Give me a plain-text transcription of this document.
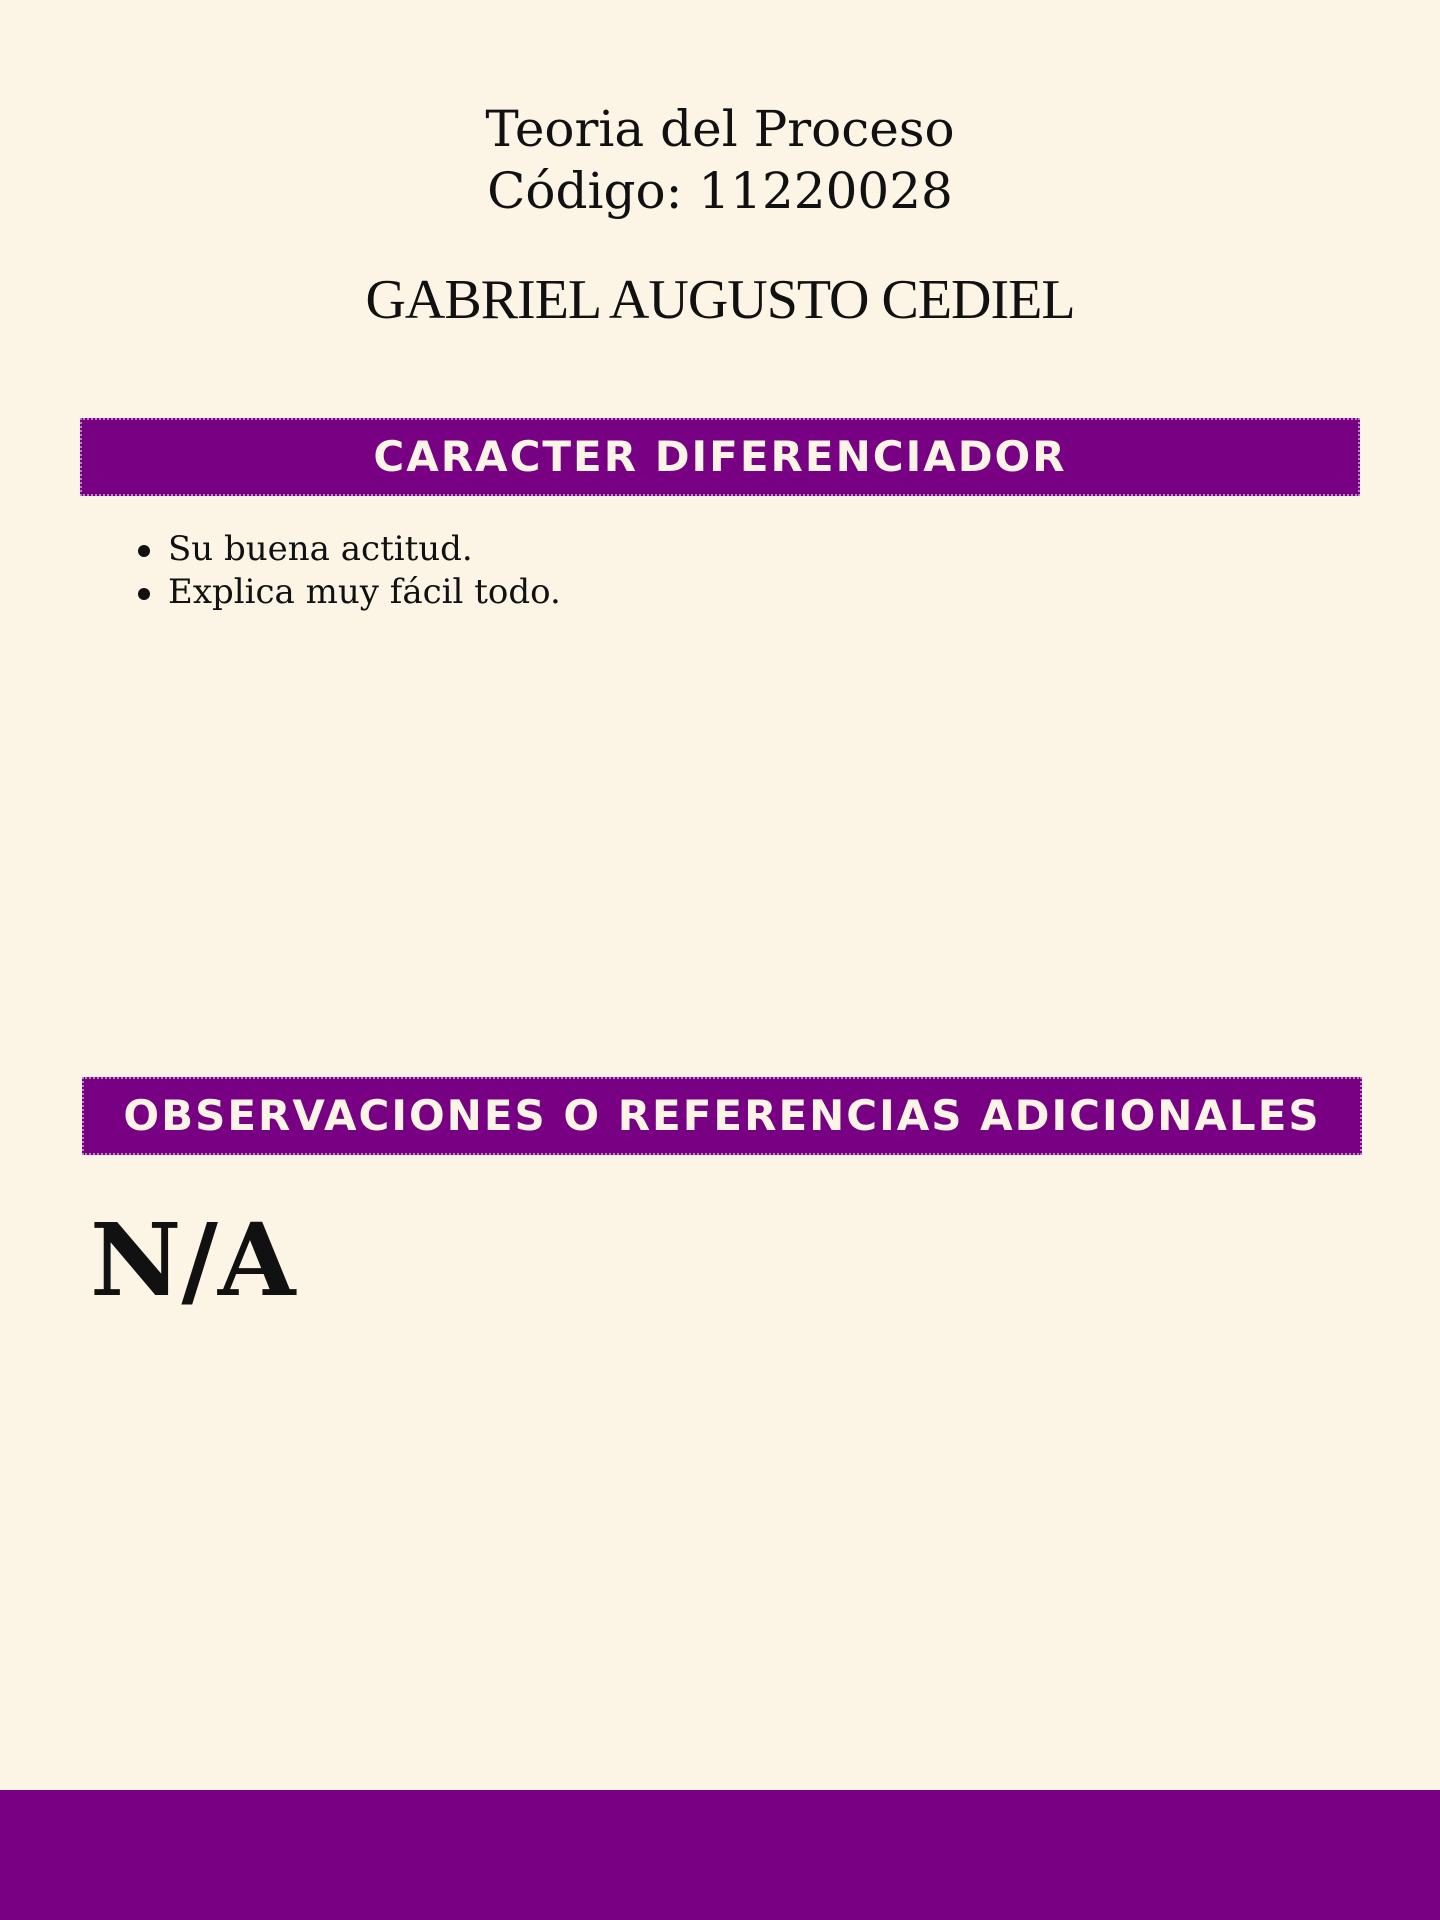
Teoria del Proceso
Código: 11220028
GABRIEL AUGUSTO CEDIEL
CARACTER DIFERENCIADOR
Su buena actitud.
Explica muy fácil todo.
OBSERVACIONES O REFERENCIAS ADICIONALES

N/A
